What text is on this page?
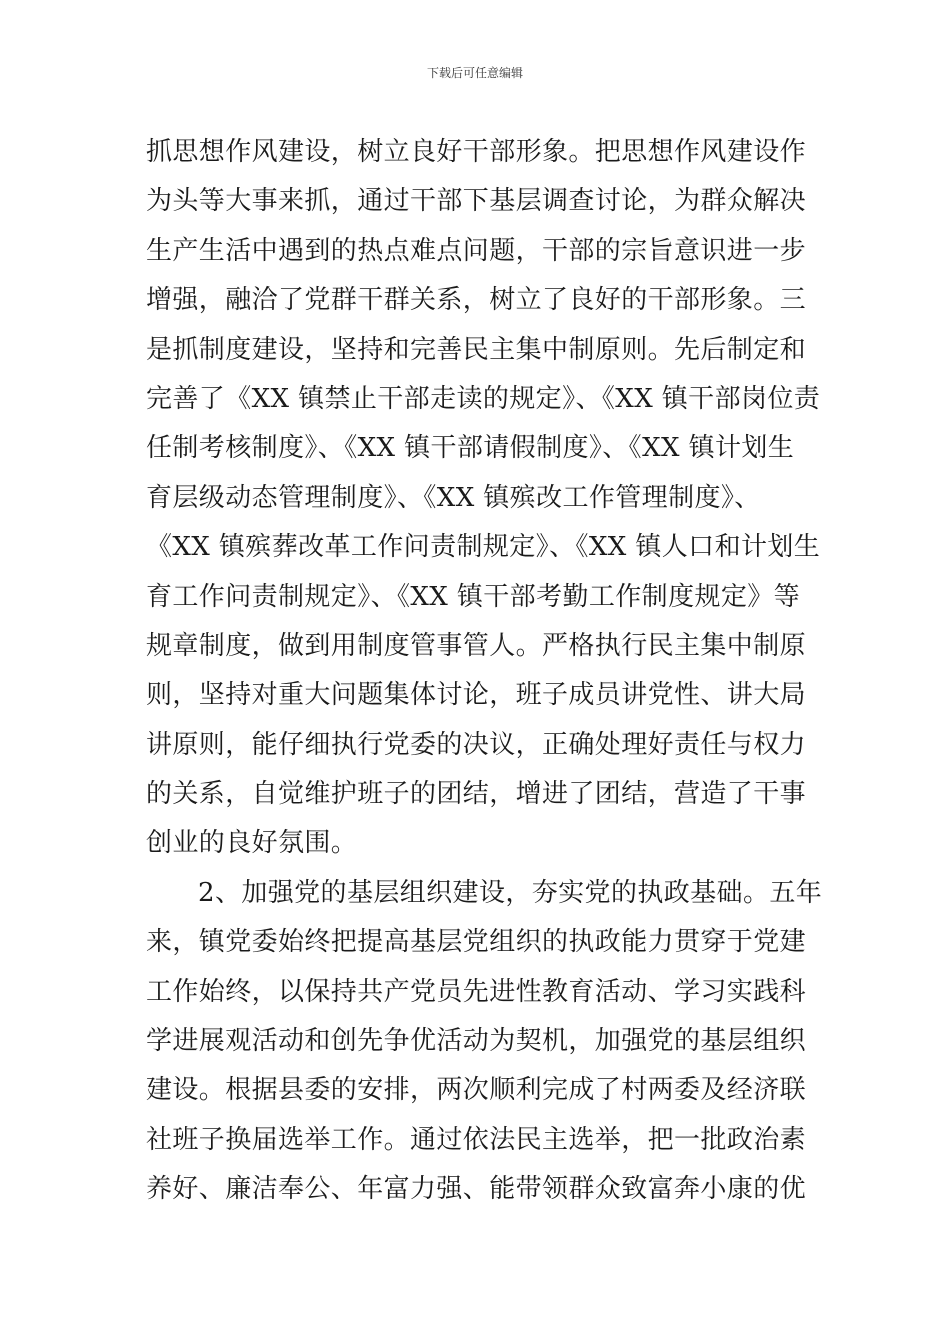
下载后可任意编辑
抓思想作风建设，树立良好干部形象。把思想作风建设作
为头等大事来抓，通过干部下基层调查讨论，为群众解决
生产生活中遇到的热点难点问题，干部的宗旨意识进一步
增强，融洽了党群干群关系，树立了良好的干部形象。三
是抓制度建设，坚持和完善民主集中制原则。先后制定和
完善了《XX 镇禁止干部走读的规定》、《XX 镇干部岗位责
任制考核制度》、《XX 镇干部请假制度》、《XX 镇计划生
育层级动态管理制度》、《XX 镇殡改工作管理制度》、
《XX 镇殡葬改革工作问责制规定》、《XX 镇人口和计划生
育工作问责制规定》、《XX 镇干部考勤工作制度规定》等
规章制度，做到用制度管事管人。严格执行民主集中制原
则，坚持对重大问题集体讨论，班子成员讲党性、讲大局
讲原则，能仔细执行党委的决议，正确处理好责任与权力
的关系，自觉维护班子的团结，增进了团结，营造了干事
创业的良好氛围。
2、加强党的基层组织建设，夯实党的执政基础。五年
来，镇党委始终把提高基层党组织的执政能力贯穿于党建
工作始终，以保持共产党员先进性教育活动、学习实践科
学进展观活动和创先争优活动为契机，加强党的基层组织
建设。根据县委的安排，两次顺利完成了村两委及经济联
社班子换届选举工作。通过依法民主选举，把一批政治素
养好、廉洁奉公、年富力强、能带领群众致富奔小康的优
